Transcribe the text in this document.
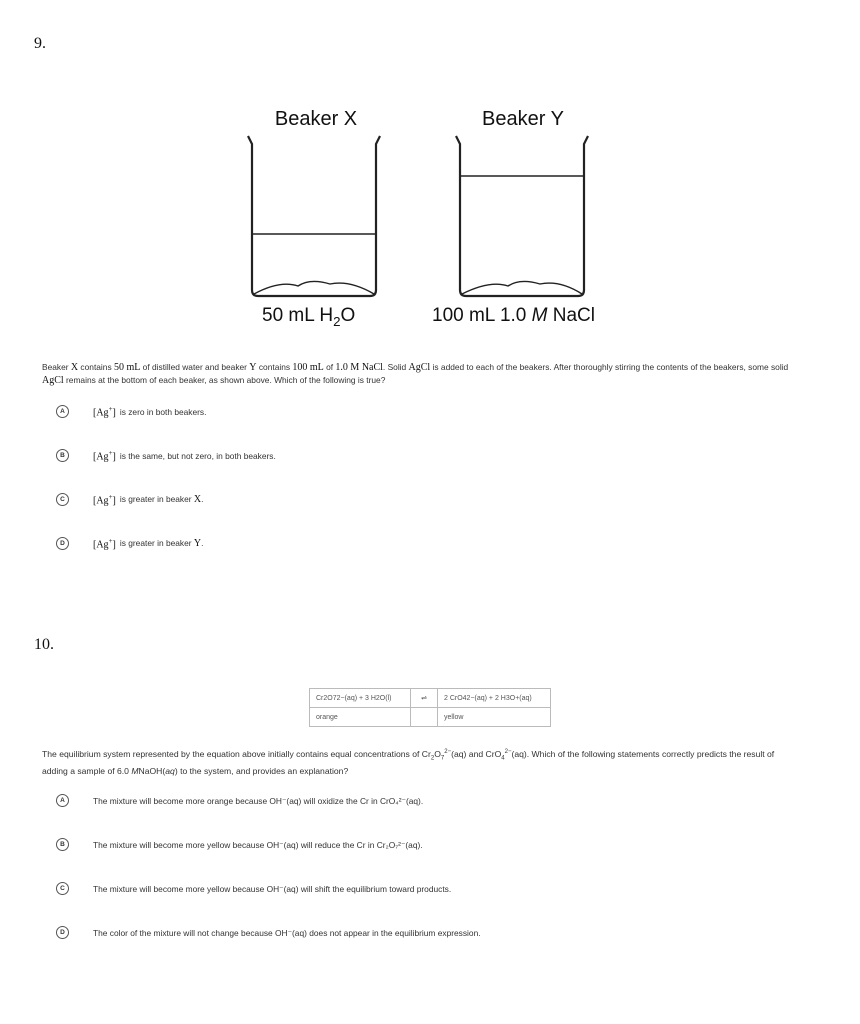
9.
Beaker X	Beaker Y
50 mL $H_2O$	100 mL 1.0 M NaCl
Beaker X contains 50 mL of distilled water and beaker Y contains 100 mL of 1.0 M NaCl. Solid AgCl is added to each of the beakers. After thoroughly stirring the contents of the beakers, some solid AgCl remains at the bottom of each beaker, as shown above. Which of the following is true?
A	[Ag+] is zero in both beakers.
B	[Ag+] is the same, but not zero, in both beakers.
C	[Ag+] is greater in beaker X.
D	[Ag+] is greater in beaker Y.
10.
Cr2O72−(aq) + 3 H2O(l)	⇌	2 CrO42−(aq) + 2 H3O+(aq)
orange		yellow
The equilibrium system represented by the equation above initially contains equal concentrations of $Cr_2O_7^{2-}(aq)$ and CrO$_4^{2-}$(aq). Which of the following statements correctly predicts the result of adding a sample of 6.0 MNaOH(aq) to the system, and provides an explanation?
A	The mixture will become more orange because OH⁻(aq) will oxidize the Cr in CrO₄²⁻(aq).
B	The mixture will become more yellow because OH⁻(aq) will reduce the Cr in Cr₂O₇²⁻(aq).
C	The mixture will become more yellow because OH⁻(aq) will shift the equilibrium toward products.
D	The color of the mixture will not change because OH⁻(aq) does not appear in the equilibrium expression.
